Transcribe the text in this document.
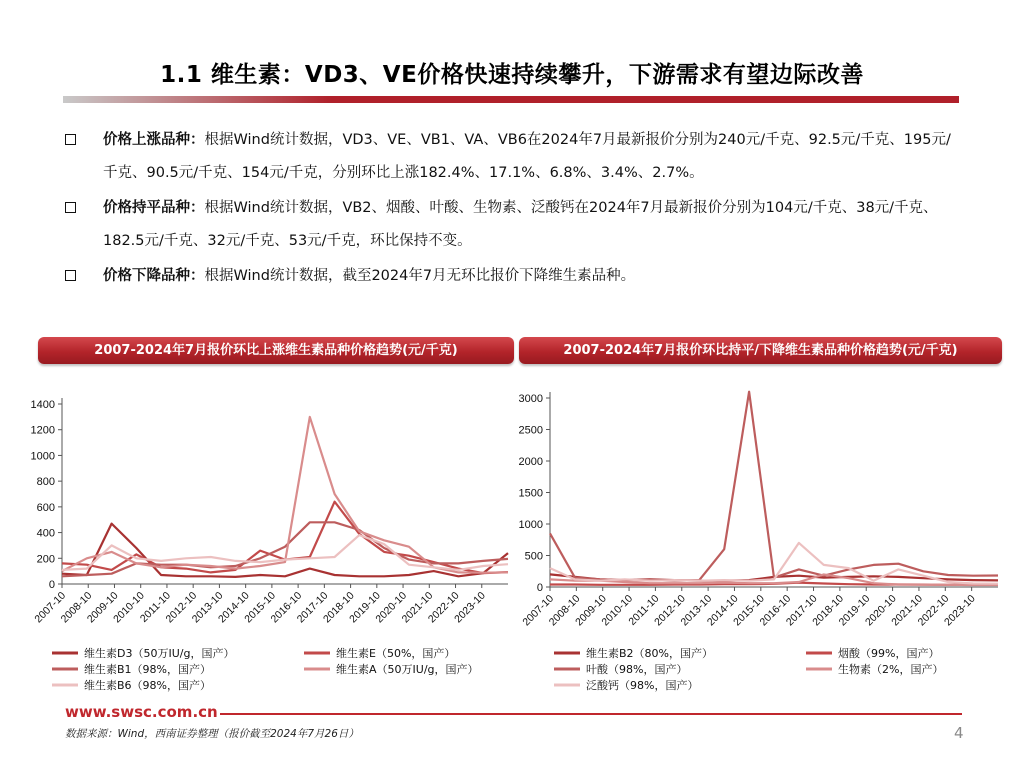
1.1 维生素：VD3、VE价格快速持续攀升，下游需求有望边际改善
价格上涨品种：根据Wind统计数据，VD3、VE、VB1、VA、VB6在2024年7月最新报价分别为240元/千克、92.5元/千克、195元/千克、90.5元/千克、154元/千克，分别环比上涨182.4%、17.1%、6.8%、3.4%、2.7%。
价格持平品种：根据Wind统计数据，VB2、烟酸、叶酸、生物素、泛酸钙在2024年7月最新报价分别为104元/千克、38元/千克、182.5元/千克、32元/千克、53元/千克，环比保持不变。
价格下降品种：根据Wind统计数据，截至2024年7月无环比报价下降维生素品种。
2007-2024年7月报价环比上涨维生素品种价格趋势(元/千克)	2007-2024年7月报价环比持平/下降维生素品种价格趋势(元/千克)
0
200
400
600
800
1000
1200
1400
2007-10
2008-10
2009-10
2010-10
2011-10
2012-10
2013-10
2014-10
2015-10
2016-10
2017-10
2018-10
2019-10
2020-10
2021-10
2022-10
2023-10
维生素D3（50万IU/g，国产）	维生素E（50%，国产）
维生素B1（98%，国产）	维生素A（50万IU/g，国产）
维生素B6（98%，国产）
0
500
1000
1500
2000
2500
3000
2007-10
2008-10
2009-10
2010-10
2011-10
2012-10
2013-10
2014-10
2015-10
2016-10
2017-10
2018-10
2019-10
2020-10
2021-10
2022-10
2023-10
维生素B2（80%，国产）	烟酸（99%，国产）
叶酸（98%，国产）	生物素（2%，国产）
泛酸钙（98%，国产）
www.swsc.com.cn
数据来源：Wind，西南证券整理（报价截至2024年7月26日）	4
